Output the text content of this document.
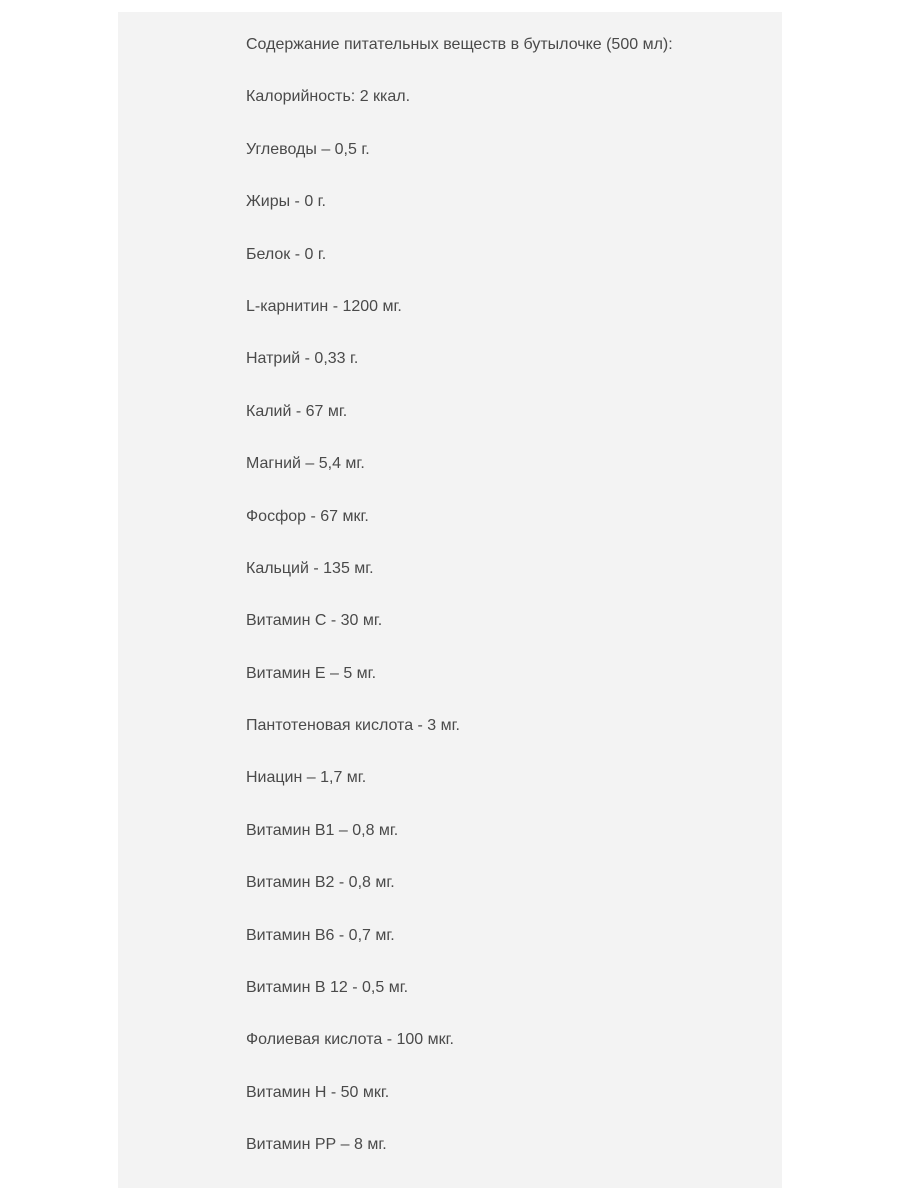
Содержание питательных веществ в бутылочке (500 мл):

Калорийность: 2 ккал.
Углеводы – 0,5 г.
Жиры - 0 г.
Белок - 0 г.
L-карнитин - 1200 мг.
Натрий - 0,33 г.
Калий - 67 мг.
Магний – 5,4 мг.
Фосфор - 67 мкг.
Кальций - 135 мг.
Витамин С - 30 мг.
Витамин Е – 5 мг.
Пантотеновая кислота - 3 мг.
Ниацин – 1,7 мг.
Витамин В1 – 0,8 мг.
Витамин В2 - 0,8 мг.
Витамин В6 - 0,7 мг.
Витамин В 12 - 0,5 мг.
Фолиевая кислота - 100 мкг.
Витамин Н - 50 мкг.
Витамин РР – 8 мг.
